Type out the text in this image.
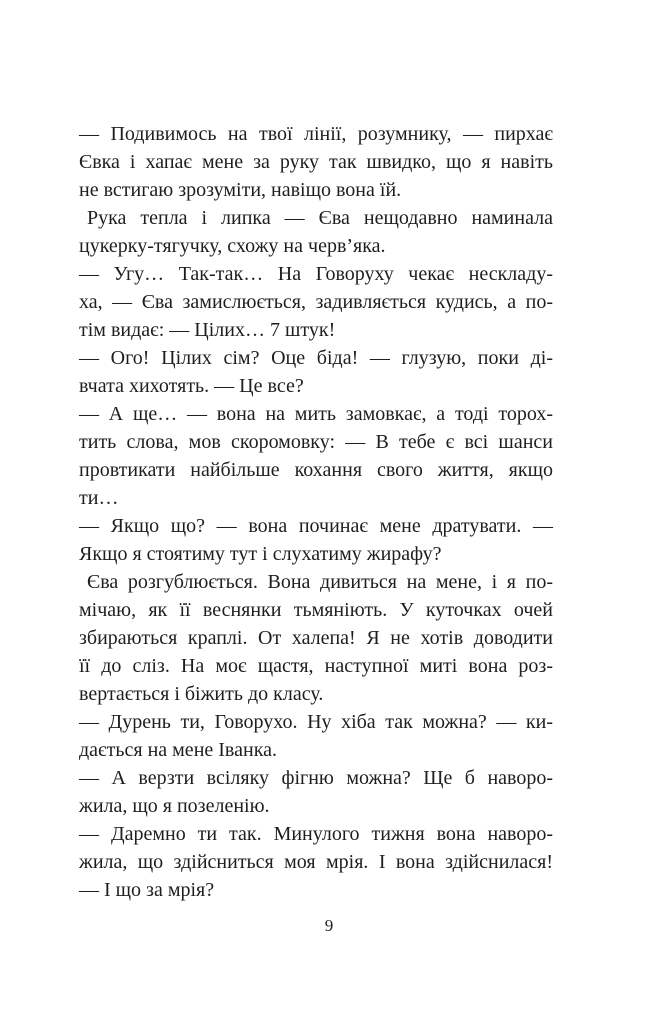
— Подивимось на твої лінії, розумнику, — пирхає
Євка і хапає мене за руку так швидко, що я навіть
не встигаю зрозуміти, навіщо вона їй.
Рука тепла і липка — Єва нещодавно наминала
цукерку-тягучку, схожу на черв’яка.
— Угу… Так-так… На Говоруху чекає нескладу-
ха, — Єва замислюється, задивляється кудись, а по-
тім видає: — Цілих… 7 штук!
— Ого! Цілих сім? Оце біда! — глузую, поки ді-
вчата хихотять. — Це все?
— А ще… — вона на мить замовкає, а тоді торох-
тить слова, мов скоромовку: — В тебе є всі шанси
провтикати найбільше кохання свого життя, якщо
ти…
— Якщо що? — вона починає мене дратувати. —
Якщо я стоятиму тут і слухатиму жирафу?
Єва розгублюється. Вона дивиться на мене, і я по-
мічаю, як її веснянки тьмяніють. У куточках очей
збираються краплі. От халепа! Я не хотів доводити
її до сліз. На моє щастя, наступної миті вона роз-
вертається і біжить до класу.
— Дурень ти, Говорухо. Ну хіба так можна? — ки-
дається на мене Іванка.
— А верзти всіляку фігню можна? Ще б наворо-
жила, що я позеленію.
— Даремно ти так. Минулого тижня вона наворо-
жила, що здійсниться моя мрія. І вона здійснилася!
— І що за мрія?
9
